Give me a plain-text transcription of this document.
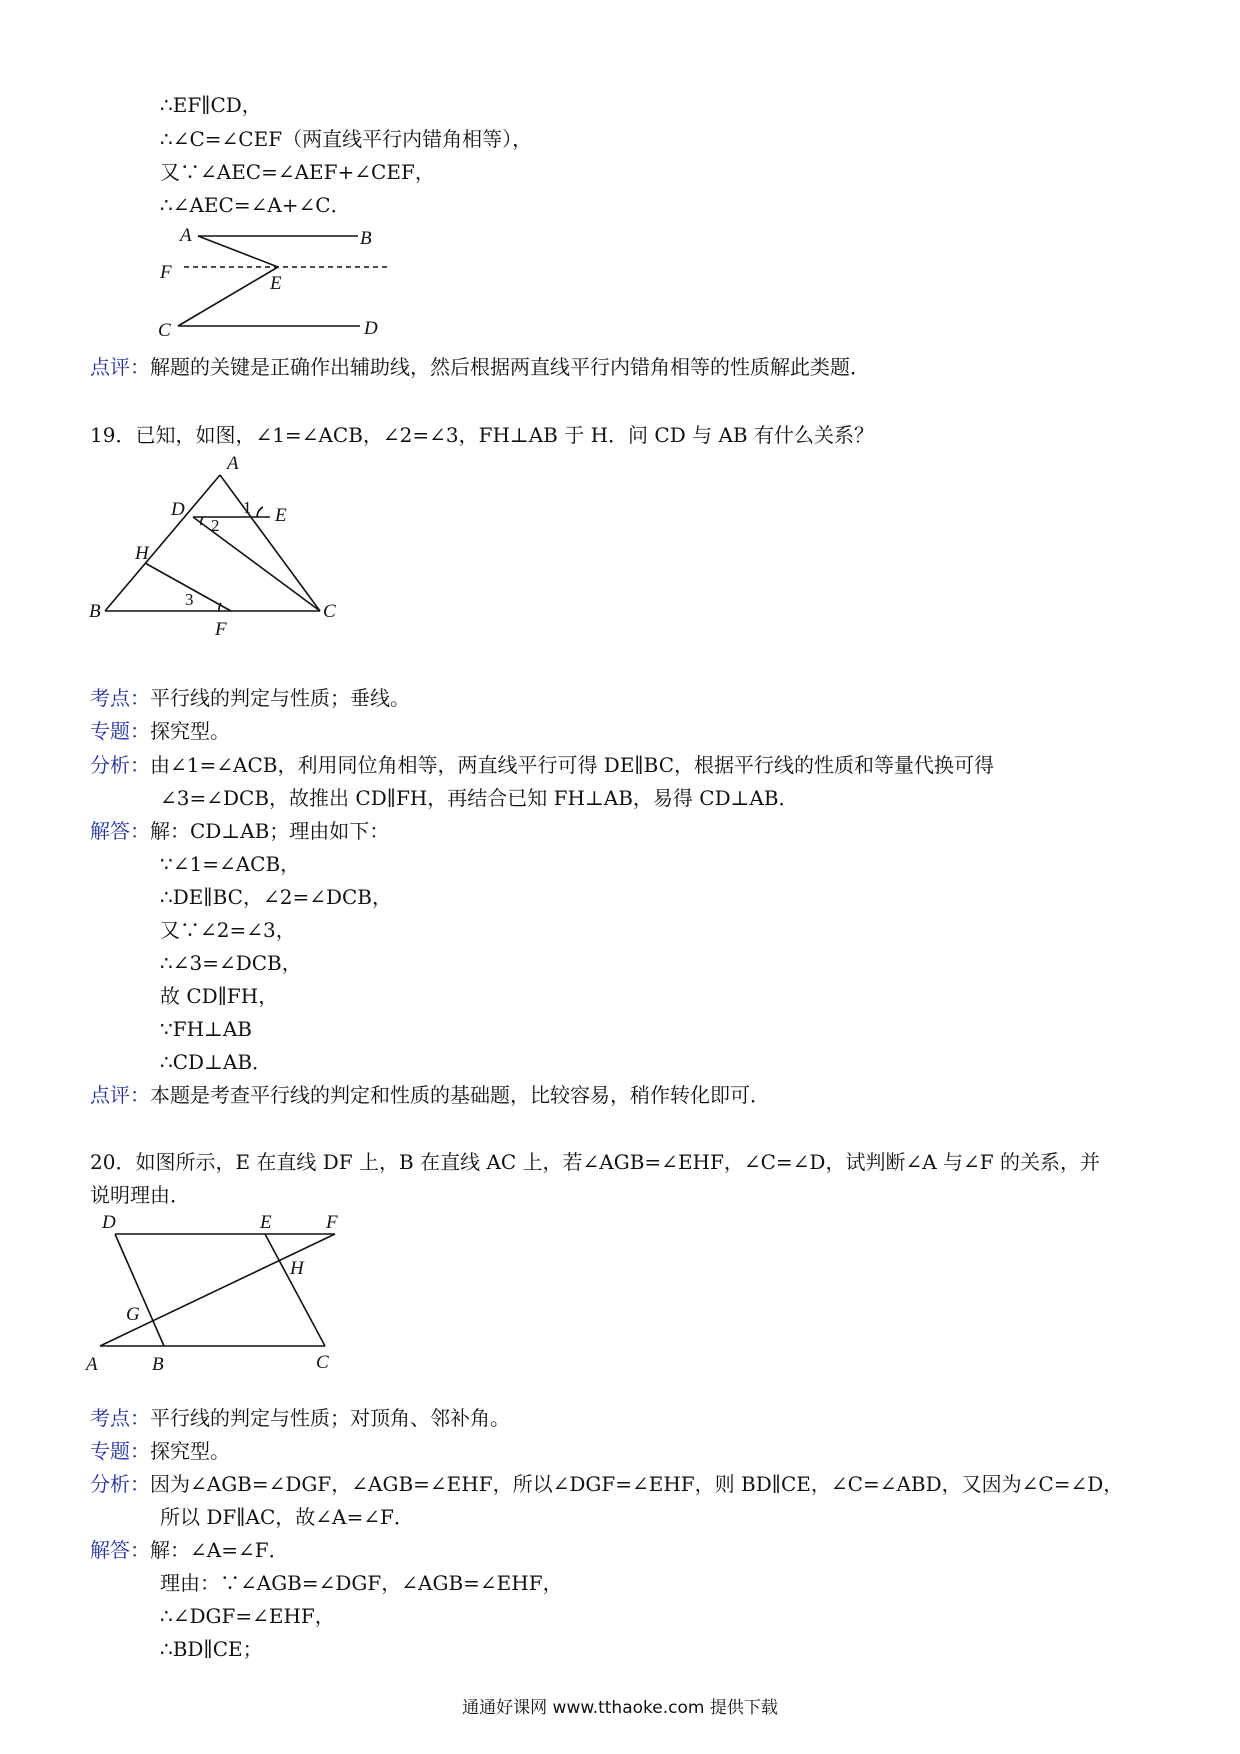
∴EF∥CD，
∴∠C=∠CEF（两直线平行内错角相等），
又∵∠AEC=∠AEF+∠CEF，
∴∠AEC=∠A+∠C．
A	B
F
E
C	D
点评：解题的关键是正确作出辅助线，然后根据两直线平行内错角相等的性质解此类题．
19．已知，如图，∠1=∠ACB，∠2=∠3，FH⊥AB 于 H．问 CD 与 AB 有什么关系？
A
D	E
H
B
F
C
1
2
3
考点：平行线的判定与性质；垂线。
专题：探究型。
分析：由∠1=∠ACB，利用同位角相等，两直线平行可得 DE∥BC，根据平行线的性质和等量代换可得
∠3=∠DCB，故推出 CD∥FH，再结合已知 FH⊥AB，易得 CD⊥AB．
解答：解：CD⊥AB；理由如下：
∵∠1=∠ACB，
∴DE∥BC，∠2=∠DCB，
又∵∠2=∠3，
∴∠3=∠DCB，
故 CD∥FH，
∵FH⊥AB
∴CD⊥AB．
点评：本题是考查平行线的判定和性质的基础题，比较容易，稍作转化即可．
20．如图所示，E 在直线 DF 上，B 在直线 AC 上，若∠AGB=∠EHF，∠C=∠D，试判断∠A 与∠F 的关系，并
说明理由．
D	E	F
H
G
A	B	C
考点：平行线的判定与性质；对顶角、邻补角。
专题：探究型。
分析：因为∠AGB=∠DGF，∠AGB=∠EHF，所以∠DGF=∠EHF，则 BD∥CE，∠C=∠ABD，又因为∠C=∠D，
所以 DF∥AC，故∠A=∠F．
解答：解：∠A=∠F．
理由：∵∠AGB=∠DGF，∠AGB=∠EHF，
∴∠DGF=∠EHF，
∴BD∥CE；
通通好课网 www.tthaoke.com 提供下载
